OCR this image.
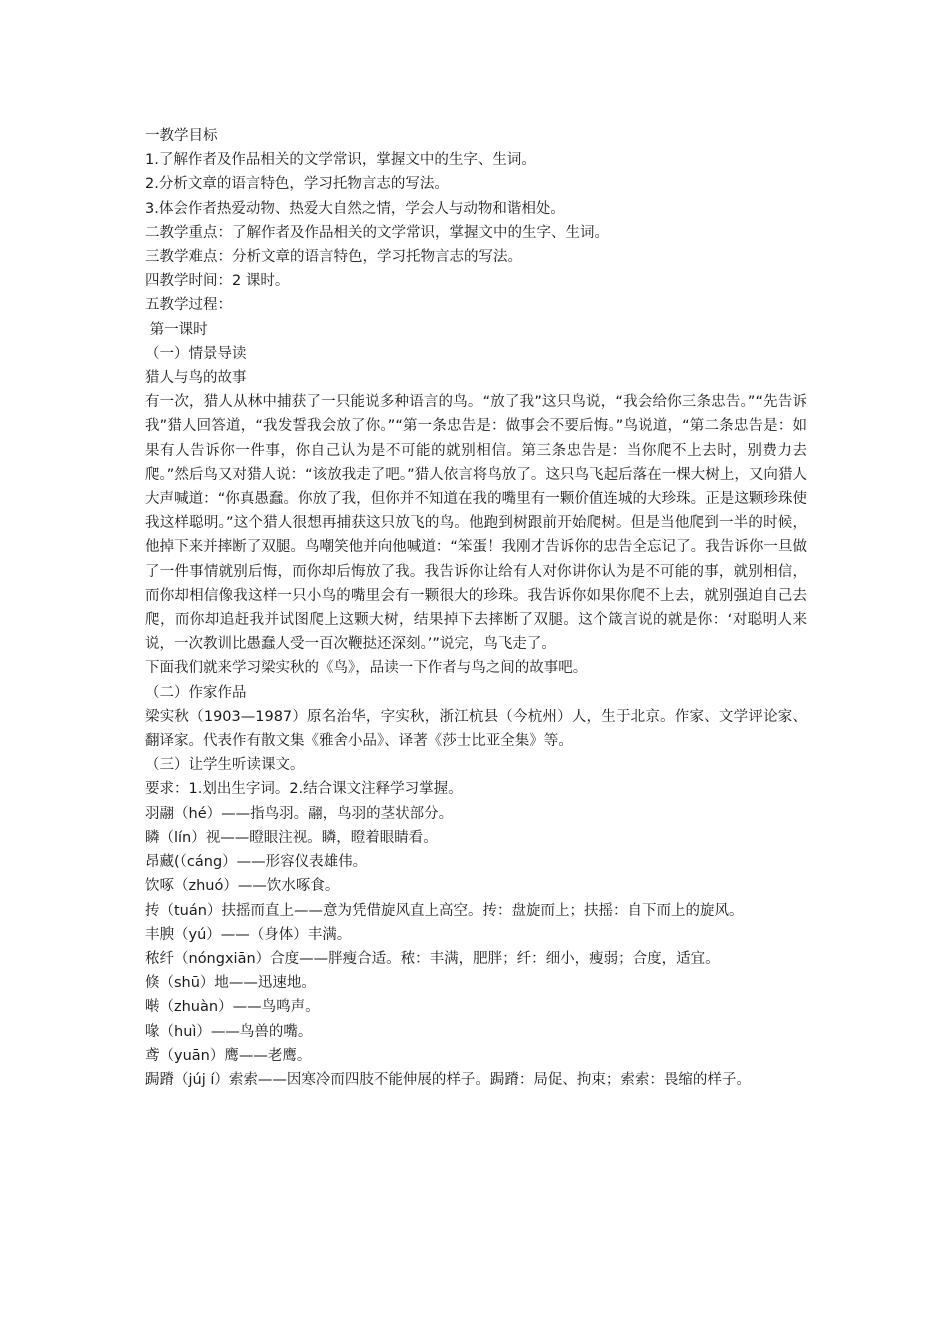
一教学目标

1.了解作者及作品相关的文学常识，掌握文中的生字、生词。

2.分析文章的语言特色，学习托物言志的写法。

3.体会作者热爱动物、热爱大自然之情，学会人与动物和谐相处。

二教学重点：了解作者及作品相关的文学常识，掌握文中的生字、生词。

三教学难点：分析文章的语言特色，学习托物言志的写法。

四教学时间：2 课时。

五教学过程：

第一课时

（一）情景导读

猎人与鸟的故事

有一次，猎人从林中捕获了一只能说多种语言的鸟。“放了我”这只鸟说，“我会给你三条忠告。”“先告诉我”猎人回答道，“我发誓我会放了你。”“第一条忠告是：做事会不要后悔。”鸟说道，“第二条忠告是：如果有人告诉你一件事，你自己认为是不可能的就别相信。第三条忠告是：当你爬不上去时，别费力去爬。”然后鸟又对猎人说：“该放我走了吧。”猎人依言将鸟放了。这只鸟飞起后落在一棵大树上，又向猎人大声喊道：“你真愚蠢。你放了我，但你并不知道在我的嘴里有一颗价值连城的大珍珠。正是这颗珍珠使我这样聪明。”这个猎人很想再捕获这只放飞的鸟。他跑到树跟前开始爬树。但是当他爬到一半的时候，他掉下来并摔断了双腿。鸟嘲笑他并向他喊道：“笨蛋！我刚才告诉你的忠告全忘记了。我告诉你一旦做了一件事情就别后悔，而你却后悔放了我。我告诉你让给有人对你讲你认为是不可能的事，就别相信，而你却相信像我这样一只小鸟的嘴里会有一颗很大的珍珠。我告诉你如果你爬不上去，就别强迫自己去爬，而你却追赶我并试图爬上这颗大树，结果掉下去摔断了双腿。这个箴言说的就是你：‘对聪明人来说，一次教训比愚蠢人受一百次鞭挞还深刻。’”说完，鸟飞走了。

下面我们就来学习梁实秋的《鸟》，品读一下作者与鸟之间的故事吧。

（二）作家作品

梁实秋（1903—1987）原名治华，字实秋，浙江杭县（今杭州）人，生于北京。作家、文学评论家、翻译家。代表作有散文集《雅舍小品》、译著《莎士比亚全集》等。

（三）让学生听读课文。

要求：1.划出生字词。2.结合课文注释学习掌握。

羽翮（hé）——指鸟羽。翮，鸟羽的茎状部分。

瞵（lín）视——瞪眼注视。瞵，瞪着眼睛看。

昂藏(（cáng）——形容仪表雄伟。

饮啄（zhuó）——饮水啄食。

抟（tuán）扶摇而直上——意为凭借旋风直上高空。抟：盘旋而上；扶摇：自下而上的旋风。

丰腴（yú）——（身体）丰满。

秾纤（nóngxiān）合度——胖瘦合适。秾：丰满，肥胖；纤：细小，瘦弱；合度，适宜。

倏（shū）地——迅速地。

啭（zhuàn）——鸟鸣声。

喙（huì）——鸟兽的嘴。

鸢（yuān）鹰——老鹰。

跼蹐（júj í）索索——因寒冷而四肢不能伸展的样子。跼蹐：局促、拘束；索索：畏缩的样子。
